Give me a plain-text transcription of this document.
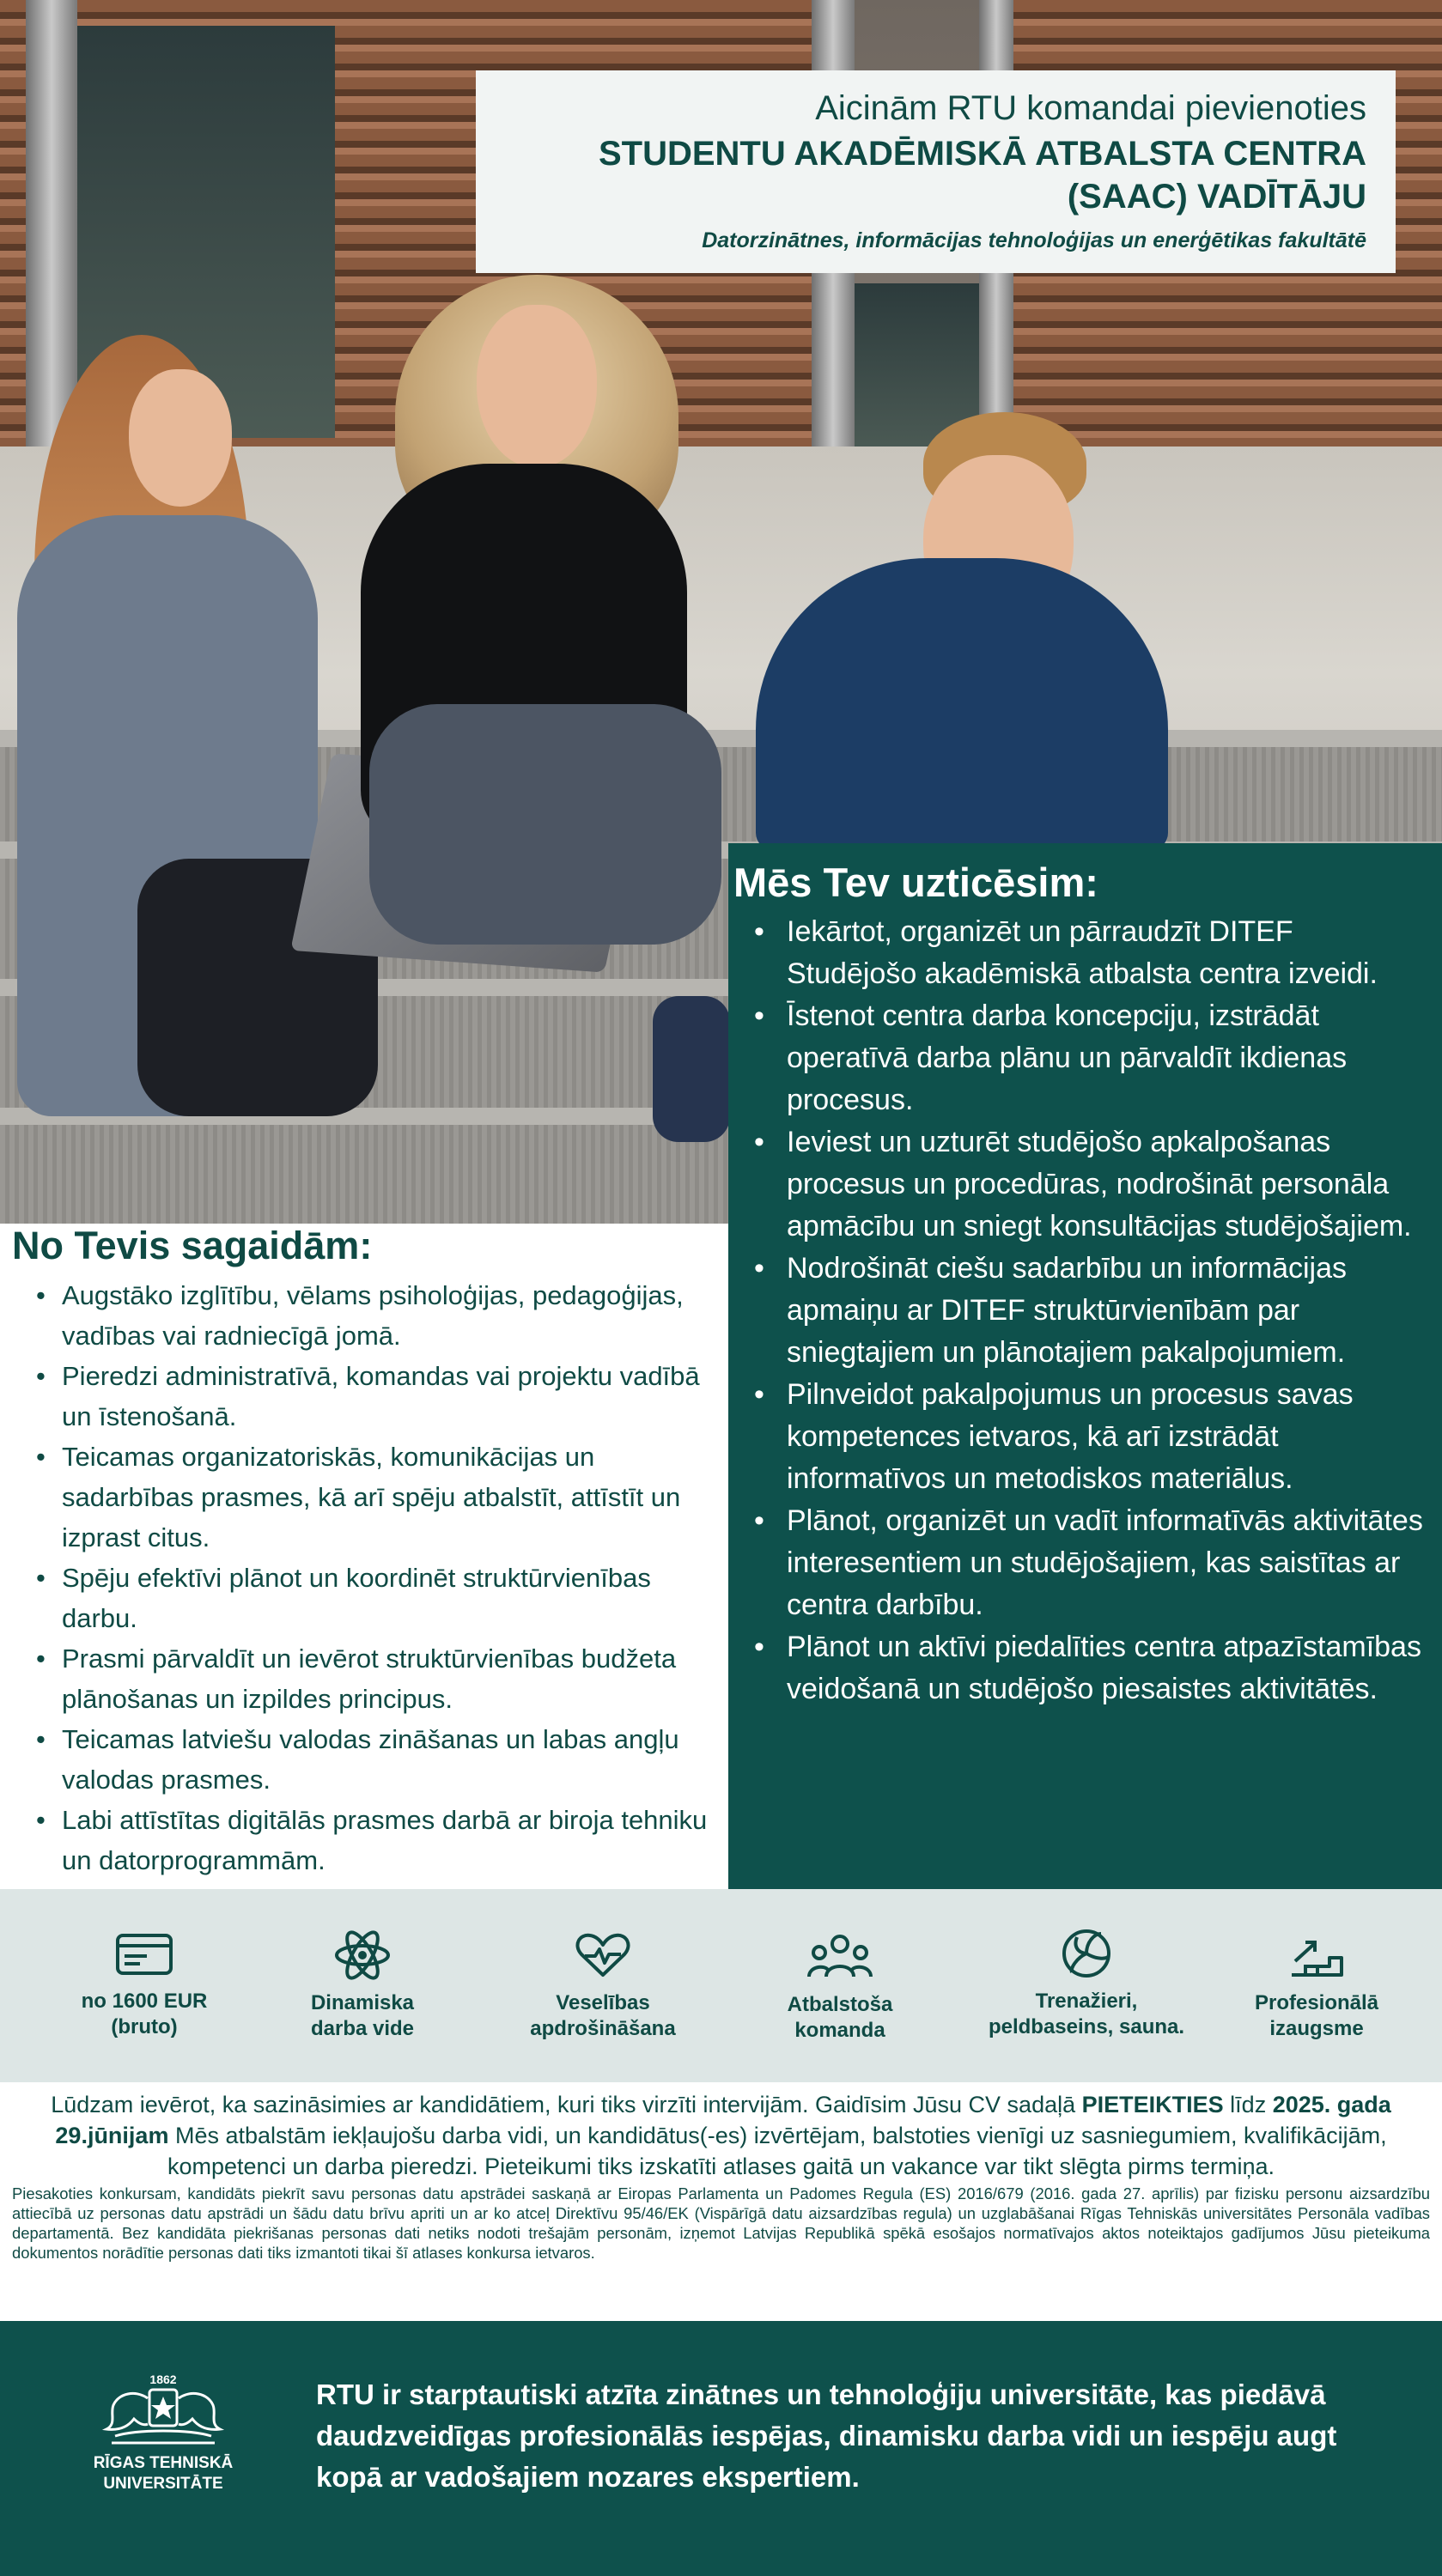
Aicinām RTU komandai pievienoties
STUDENTU AKADĒMISKĀ ATBALSTA CENTRA
(SAAC) VADĪTĀJU
Datorzinātnes, informācijas tehnoloģijas un enerģētikas fakultātē
Mēs Tev uzticēsim:
• Iekārtot, organizēt un pārraudzīt DITEF Studējošo akadēmiskā atbalsta centra izveidi.
• Īstenot centra darba koncepciju, izstrādāt operatīvā darba plānu un pārvaldīt ikdienas procesus.
• Ieviest un uzturēt studējošo apkalpošanas procesus un procedūras, nodrošināt personāla apmācību un sniegt konsultācijas studējošajiem.
• Nodrošināt ciešu sadarbību un informācijas apmaiņu ar DITEF struktūrvienībām par sniegtajiem un plānotajiem pakalpojumiem.
• Pilnveidot pakalpojumus un procesus savas kompetences ietvaros, kā arī izstrādāt informatīvos un metodiskos materiālus.
• Plānot, organizēt un vadīt informatīvās aktivitātes interesentiem un studējošajiem, kas saistītas ar centra darbību.
• Plānot un aktīvi piedalīties centra atpazīstamības veidošanā un studējošo piesaistes aktivitātēs.
No Tevis sagaidām:
• Augstāko izglītību, vēlams psiholoģijas, pedagoģijas, vadības vai radniecīgā jomā.
• Pieredzi administratīvā, komandas vai projektu vadībā un īstenošanā.
• Teicamas organizatoriskās, komunikācijas un sadarbības prasmes, kā arī spēju atbalstīt, attīstīt un izprast citus.
• Spēju efektīvi plānot un koordinēt struktūrvienības darbu.
• Prasmi pārvaldīt un ievērot struktūrvienības budžeta plānošanas un izpildes principus.
• Teicamas latviešu valodas zināšanas un labas angļu valodas prasmes.
• Labi attīstītas digitālās prasmes darbā ar biroja tehniku un datorprogrammām.
no 1600 EUR
(bruto)
Dinamiska
darba vide
Veselības
apdrošināšana
Atbalstoša
komanda
Trenažieri,
peldbaseins, sauna.
Profesionālā
izaugsme

Lūdzam ievērot, ka sazināsimies ar kandidātiem, kuri tiks virzīti intervijām. Gaidīsim Jūsu CV sadaļā PIETEIKTIES līdz 2025. gada 29.jūnijam Mēs atbalstām iekļaujošu darba vidi, un kandidātus(-es) izvērtējam, balstoties vienīgi uz sasniegumiem, kvalifikācijām, kompetenci un darba pieredzi. Pieteikumi tiks izskatīti atlases gaitā un vakance var tikt slēgta pirms termiņa.

Piesakoties konkursam, kandidāts piekrīt savu personas datu apstrādei saskaņā ar Eiropas Parlamenta un Padomes Regula (ES) 2016/679 (2016. gada 27. aprīlis) par fizisku personu aizsardzību attiecībā uz personas datu apstrādi un šādu datu brīvu apriti un ar ko atceļ Direktīvu 95/46/EK (Vispārīgā datu aizsardzības regula) un uzglabāšanai Rīgas Tehniskās universitātes Personāla vadības departamentā. Bez kandidāta piekrišanas personas dati netiks nodoti trešajām personām, izņemot Latvijas Republikā spēkā esošajos normatīvajos aktos noteiktajos gadījumos Jūsu pieteikuma dokumentos norādītie personas dati tiks izmantoti tikai šī atlases konkursa ietvaros.

1862
RĪGAS TEHNISKĀ
UNIVERSITĀTE

RTU ir starptautiski atzīta zinātnes un tehnoloģiju universitāte, kas piedāvā daudzveidīgas profesionālās iespējas, dinamisku darba vidi un iespēju augt kopā ar vadošajiem nozares ekspertiem.
